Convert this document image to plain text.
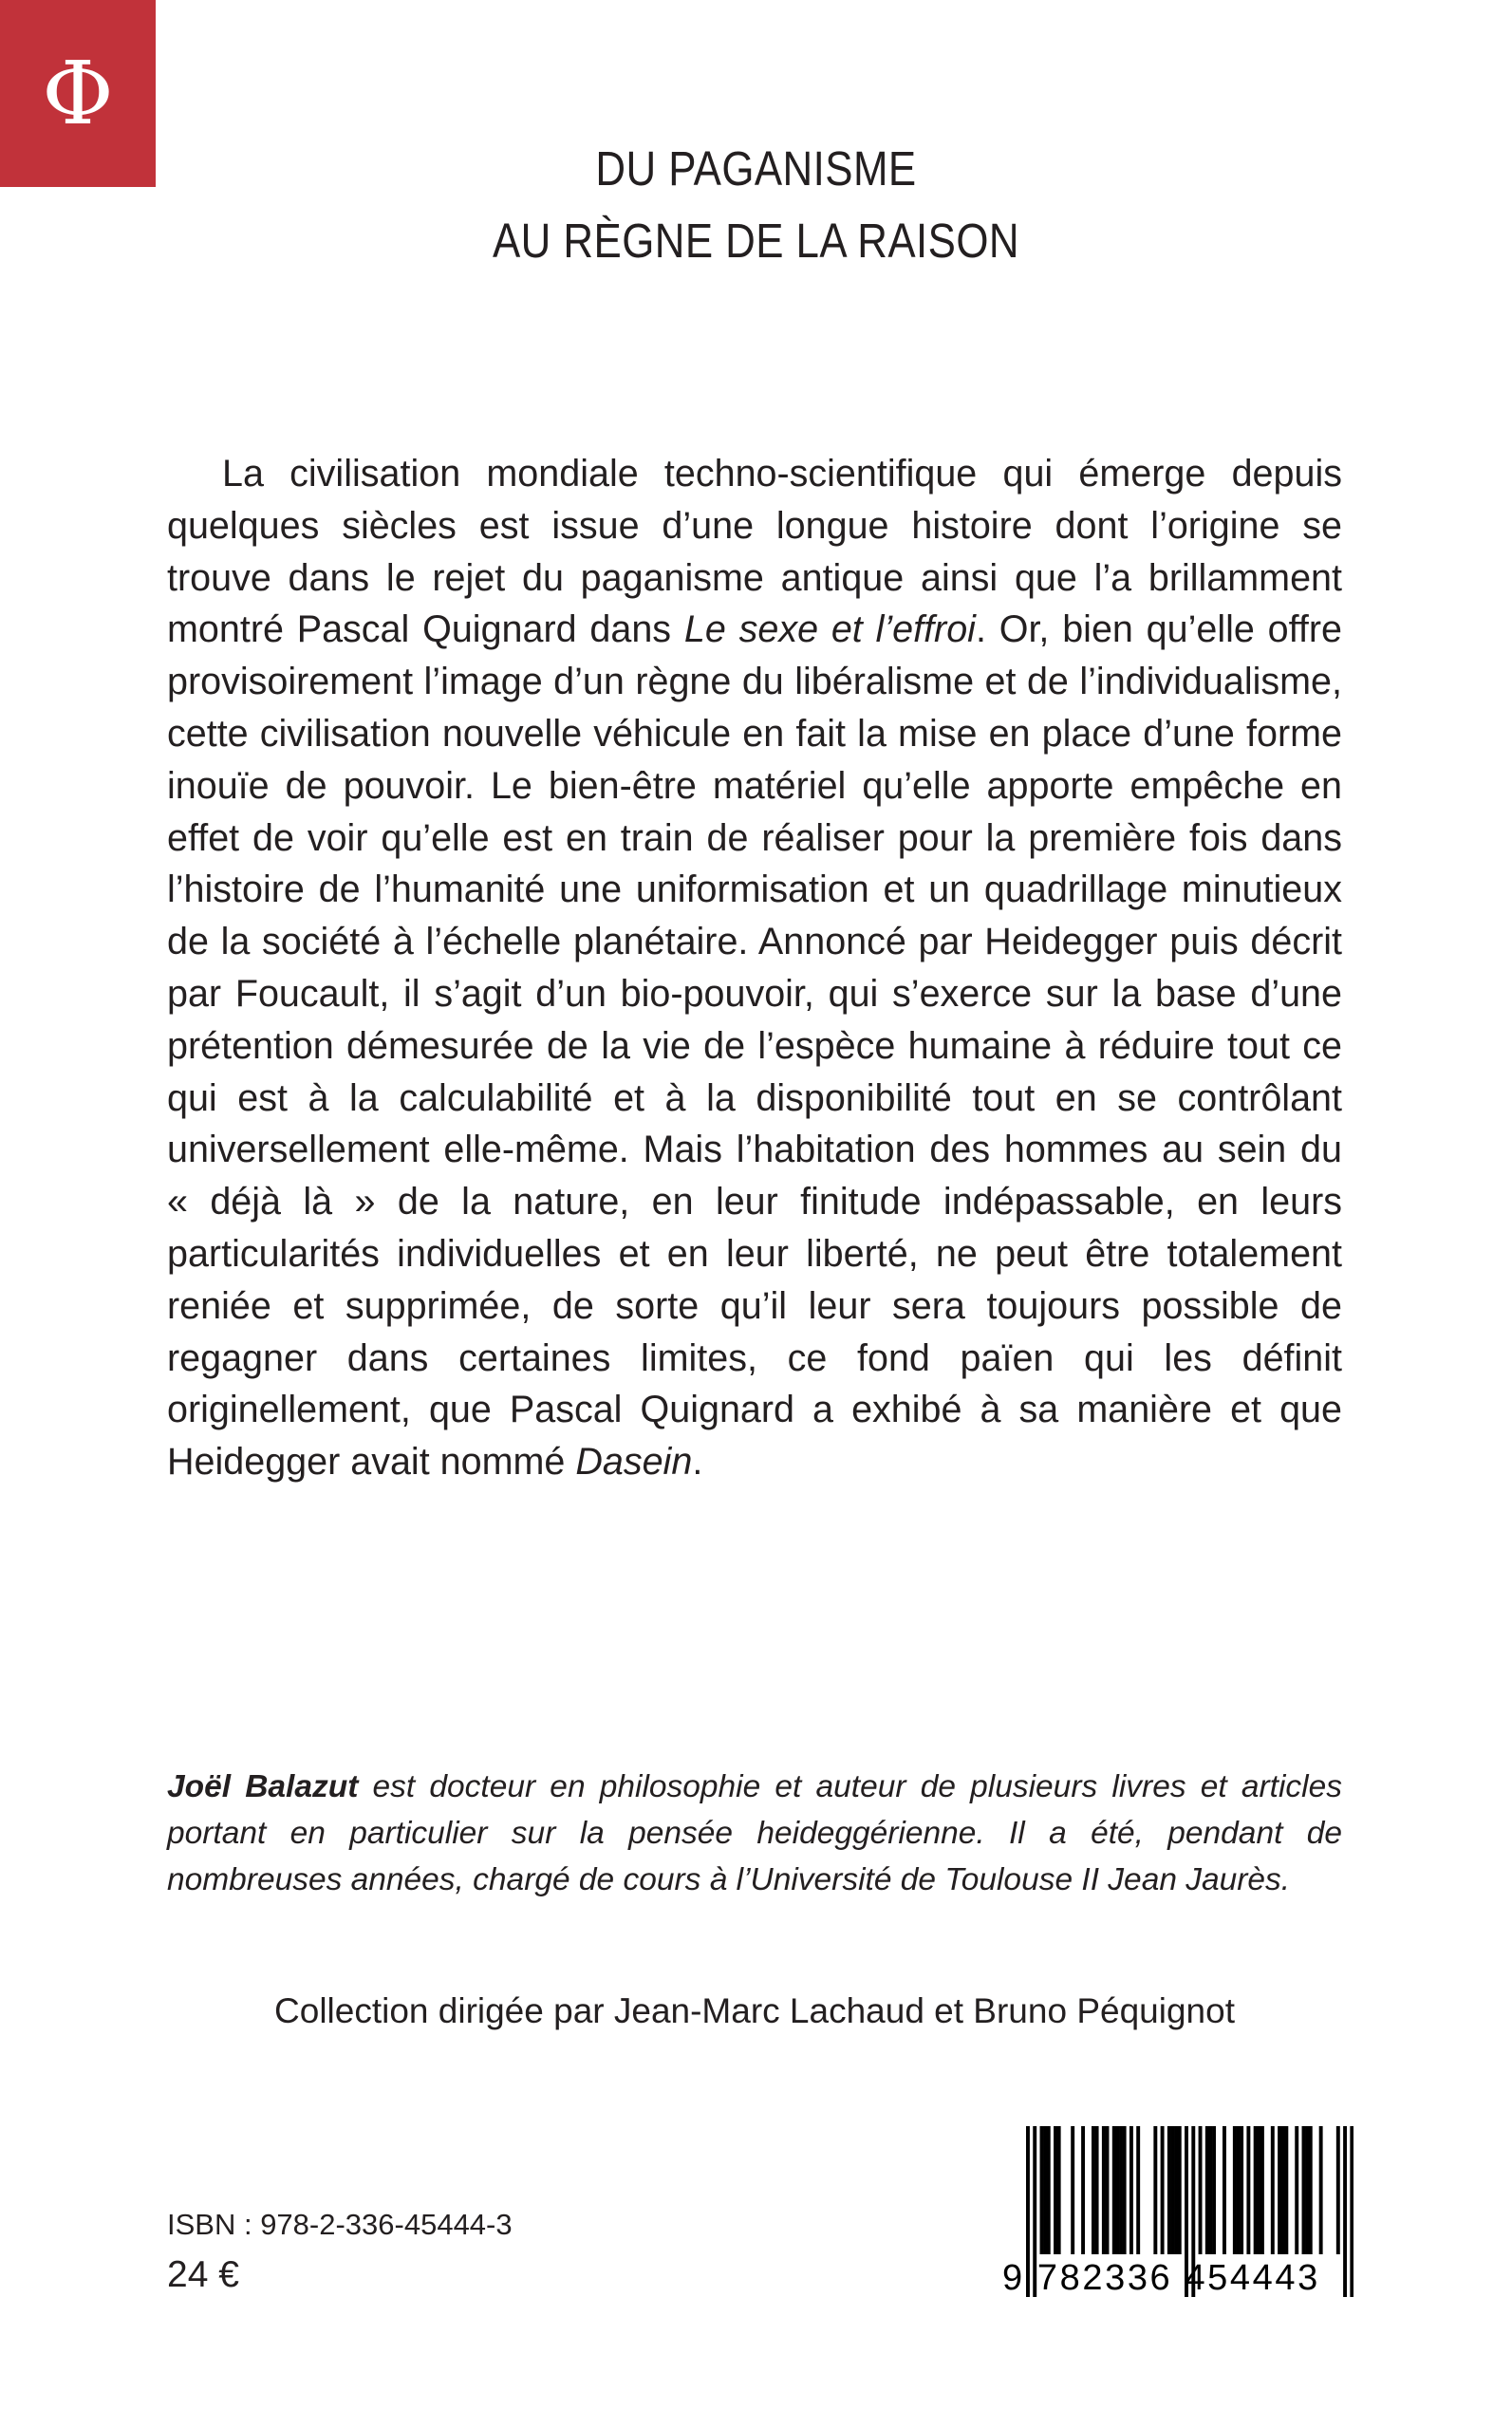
Φ
DU PAGANISME
AU RÈGNE DE LA RAISON
La civilisation mondiale techno-scientifique qui émerge depuis quelques siècles est issue d’une longue histoire dont l’origine se trouve dans le rejet du paganisme antique ainsi que l’a brillamment montré Pascal Quignard dans Le sexe et l’effroi. Or, bien qu’elle offre provisoirement l’image d’un règne du libéralisme et de l’individualisme, cette civilisation nouvelle véhicule en fait la mise en place d’une forme inouïe de pouvoir. Le bien-être matériel qu’elle apporte empêche en effet de voir qu’elle est en train de réaliser pour la première fois dans l’histoire de l’humanité une uniformisation et un quadrillage minutieux de la société à l’échelle planétaire. Annoncé par Heidegger puis décrit par Foucault, il s’agit d’un bio-pouvoir, qui s’exerce sur la base d’une prétention démesurée de la vie de l’espèce humaine à réduire tout ce qui est à la calculabilité et à la disponibilité tout en se contrôlant universellement elle-même. Mais l’habitation des hommes au sein du « déjà là » de la nature, en leur finitude indépassable, en leurs particularités individuelles et en leur liberté, ne peut être totalement reniée et supprimée, de sorte qu’il leur sera toujours possible de regagner dans certaines limites, ce fond païen qui les définit originellement, que Pascal Quignard a exhibé à sa manière et que Heidegger avait nommé Dasein.
Joël Balazut est docteur en philosophie et auteur de plusieurs livres et articles portant en particulier sur la pensée heideggérienne. Il a été, pendant de nombreuses années, chargé de cours à l’Université de Toulouse II Jean Jaurès.
Collection dirigée par Jean-Marc Lachaud et Bruno Péquignot
ISBN : 978-2-336-45444-3
24 €	9 782336 454443
